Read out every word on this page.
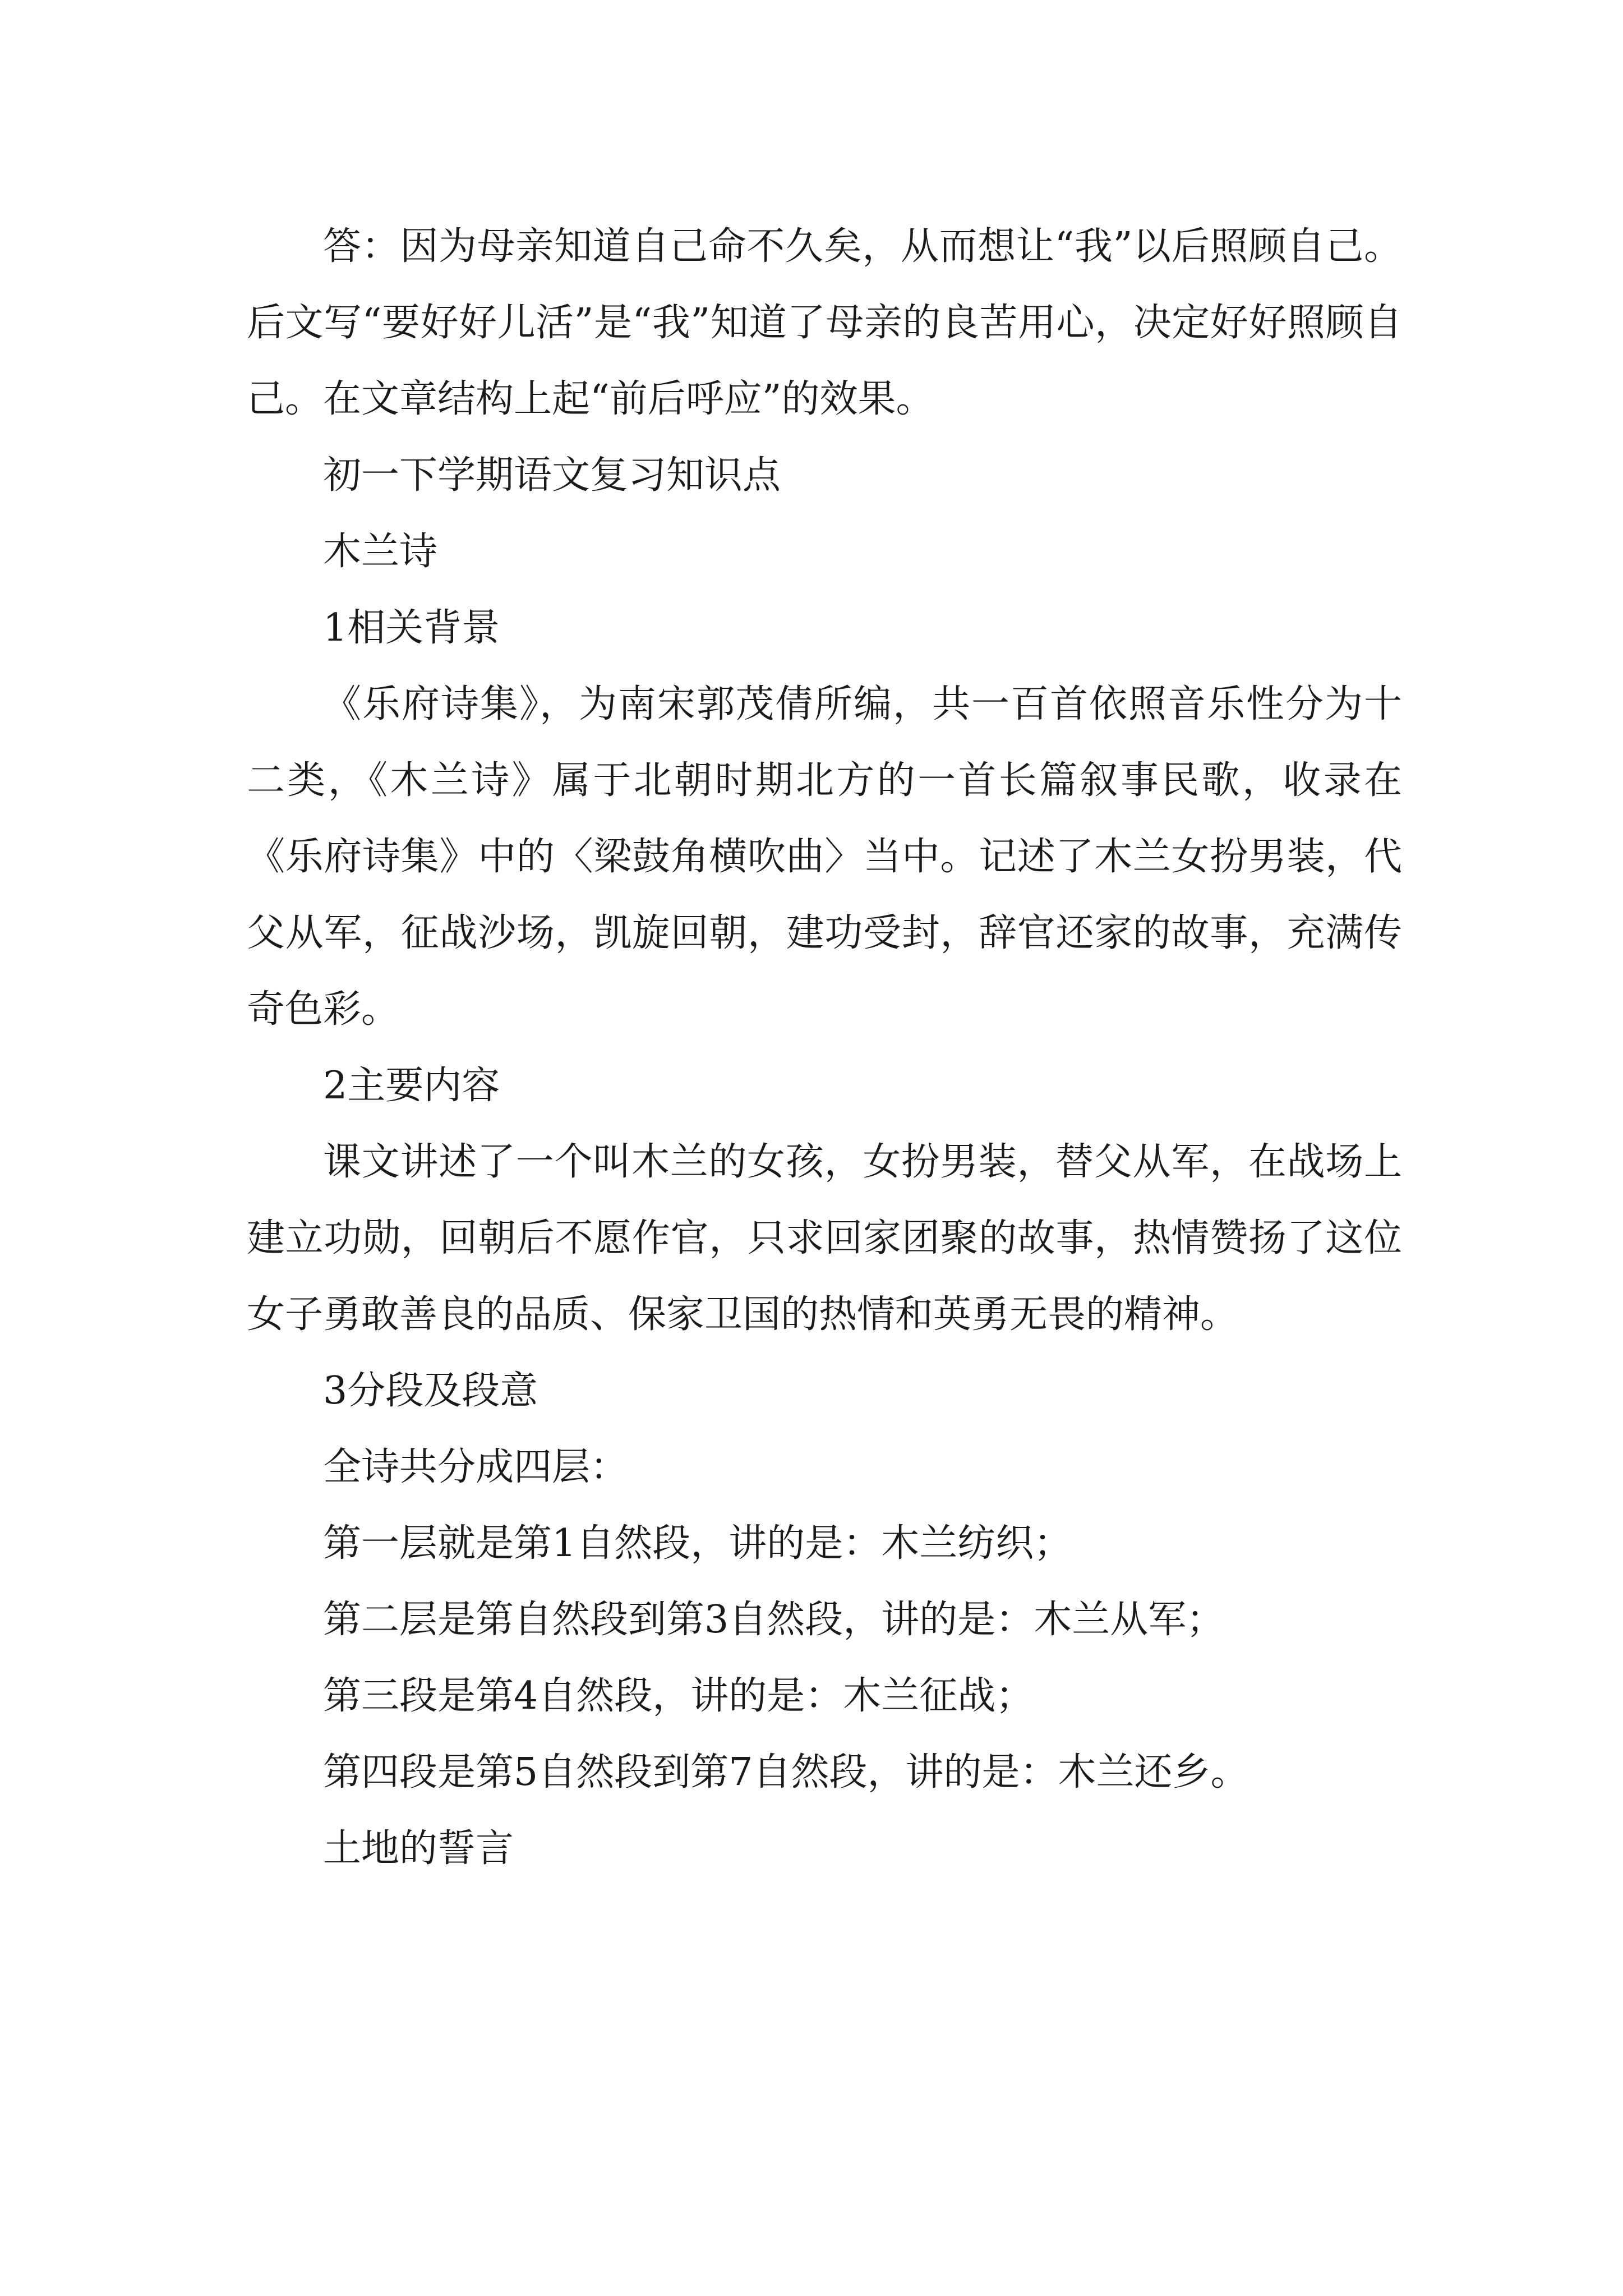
答：因为母亲知道自己命不久矣，从而想让“我”以后照顾自己。后文写“要好好儿活”是“我”知道了母亲的良苦用心，决定好好照顾自己。在文章结构上起“前后呼应”的效果。

初一下学期语文复习知识点

木兰诗

1相关背景

《乐府诗集》，为南宋郭茂倩所编，共一百首依照音乐性分为十二类，《木兰诗》属于北朝时期北方的一首长篇叙事民歌，收录在《乐府诗集》中的〈梁鼓角横吹曲〉当中。记述了木兰女扮男装，代父从军，征战沙场，凯旋回朝，建功受封，辞官还家的故事，充满传奇色彩。

2主要内容

课文讲述了一个叫木兰的女孩，女扮男装，替父从军，在战场上建立功勋，回朝后不愿作官，只求回家团聚的故事，热情赞扬了这位女子勇敢善良的品质、保家卫国的热情和英勇无畏的精神。

3分段及段意

全诗共分成四层：

第一层就是第1自然段，讲的是：木兰纺织；

第二层是第自然段到第3自然段，讲的是：木兰从军；

第三段是第4自然段，讲的是：木兰征战；

第四段是第5自然段到第7自然段，讲的是：木兰还乡。

土地的誓言
